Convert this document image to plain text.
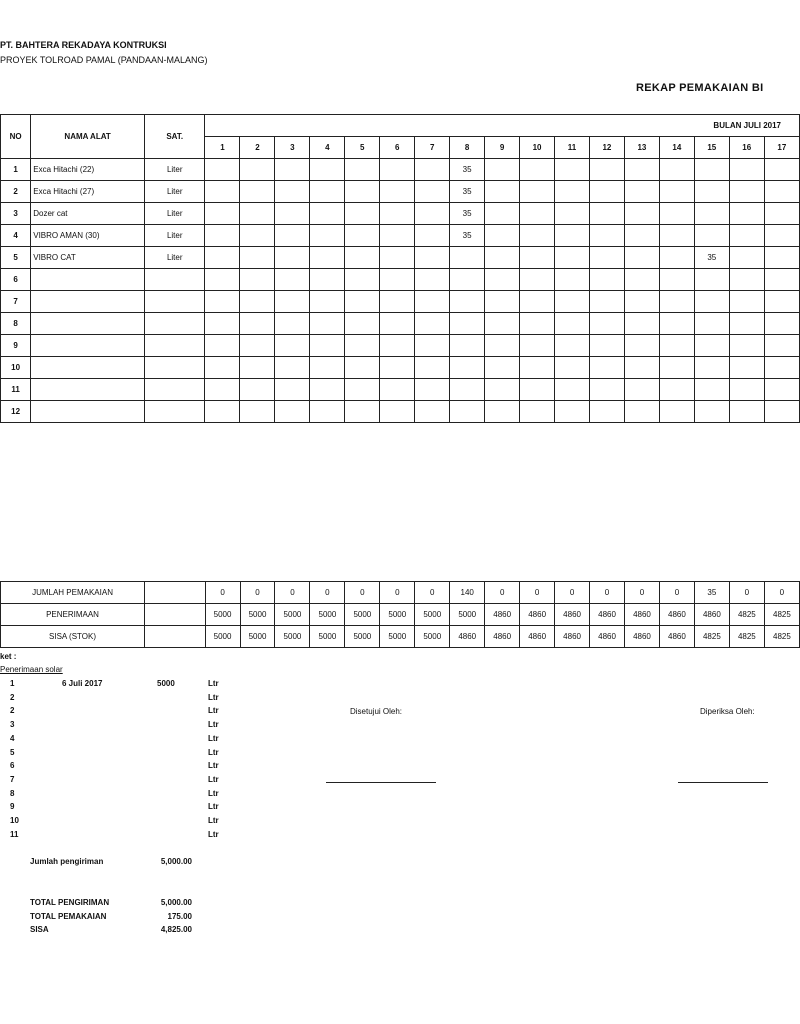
PT. BAHTERA REKADAYA KONTRUKSI
PROYEK TOLROAD PAMAL (PANDAAN-MALANG)
REKAP PEMAKAIAN BI
NO	NAMA ALAT	SAT.	BULAN JULI 2017																
			1	2	3	4	5	6	7	8	9	10	11	12	13	14	15	16	17
1	Exca Hitachi (22)	Liter								35									
2	Exca Hitachi (27)	Liter								35									
3	Dozer cat	Liter								35									
4	VIBRO AMAN (30)	Liter								35									
5	VIBRO CAT	Liter															35		
6																			
7																			
8																			
9																			
10																			
11																			
12																			
JUMLAH PEMAKAIAN		0	0	0	0	0	0	0	140	0	0	0	0	0	0	35	0	0
PENERIMAAN		5000	5000	5000	5000	5000	5000	5000	5000	4860	4860	4860	4860	4860	4860	4860	4825	4825
SISA (STOK)		5000	5000	5000	5000	5000	5000	5000	4860	4860	4860	4860	4860	4860	4860	4825	4825	4825
ket :
Penerimaan solar
1	6 Juli 2017	5000	Ltr
2	Ltr
2	Ltr
3	Ltr
4	Ltr
5	Ltr
6	Ltr
7	Ltr
8	Ltr
9	Ltr
10	Ltr
11	Ltr
Disetujui Oleh:	Diperiksa Oleh:
Jumlah pengiriman	5,000.00
TOTAL PENGIRIMAN	5,000.00
TOTAL PEMAKAIAN	175.00
SISA	4,825.00
